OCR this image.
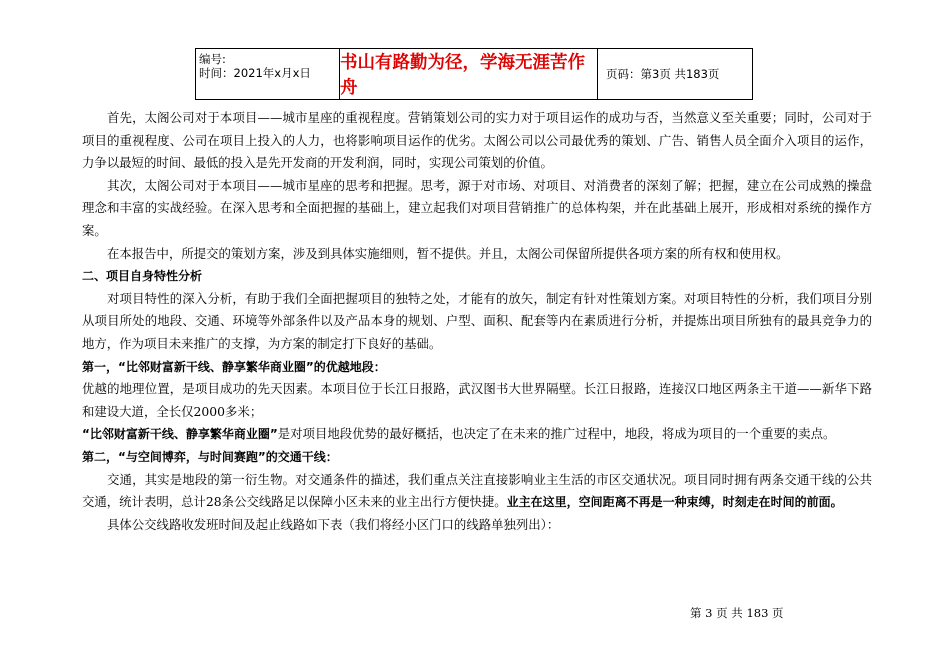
编号:
时间：2021年x月x日	书山有路勤为径，学海无涯苦作舟
页码：第3页 共183页

首先，太阁公司对于本项目——城市星座的重视程度。营销策划公司的实力对于项目运作的成功与否，当然意义至关重要；同时，公司对于项目的重视程度、公司在项目上投入的人力，也将影响项目运作的优劣。太阁公司以公司最优秀的策划、广告、销售人员全面介入项目的运作，力争以最短的时间、最低的投入是先开发商的开发利润，同时，实现公司策划的价值。

其次，太阁公司对于本项目——城市星座的思考和把握。思考，源于对市场、对项目、对消费者的深刻了解；把握，建立在公司成熟的操盘理念和丰富的实战经验。在深入思考和全面把握的基础上，建立起我们对项目营销推广的总体构架，并在此基础上展开，形成相对系统的操作方案。

在本报告中，所提交的策划方案，涉及到具体实施细则，暂不提供。并且，太阁公司保留所提供各项方案的所有权和使用权。

二、项目自身特性分析

对项目特性的深入分析，有助于我们全面把握项目的独特之处，才能有的放矢，制定有针对性策划方案。对项目特性的分析，我们项目分别从项目所处的地段、交通、环境等外部条件以及产品本身的规划、户型、面积、配套等内在素质进行分析，并提炼出项目所独有的最具竞争力的地方，作为项目未来推广的支撑，为方案的制定打下良好的基础。

第一，“比邻财富新干线、静享繁华商业圈”的优越地段：

优越的地理位置，是项目成功的先天因素。本项目位于长江日报路，武汉图书大世界隔壁。长江日报路，连接汉口地区两条主干道——新华下路和建设大道，全长仅2000多米；

“比邻财富新干线、静享繁华商业圈”是对项目地段优势的最好概括，也决定了在未来的推广过程中，地段，将成为项目的一个重要的卖点。

第二，“与空间博弈，与时间赛跑”的交通干线：

交通，其实是地段的第一衍生物。对交通条件的描述，我们重点关注直接影响业主生活的市区交通状况。项目同时拥有两条交通干线的公共交通，统计表明，总计28条公交线路足以保障小区未来的业主出行方便快捷。业主在这里，空间距离不再是一种束缚，时刻走在时间的前面。

具体公交线路收发班时间及起止线路如下表（我们将经小区门口的线路单独列出）：

第 3 页 共 183 页
